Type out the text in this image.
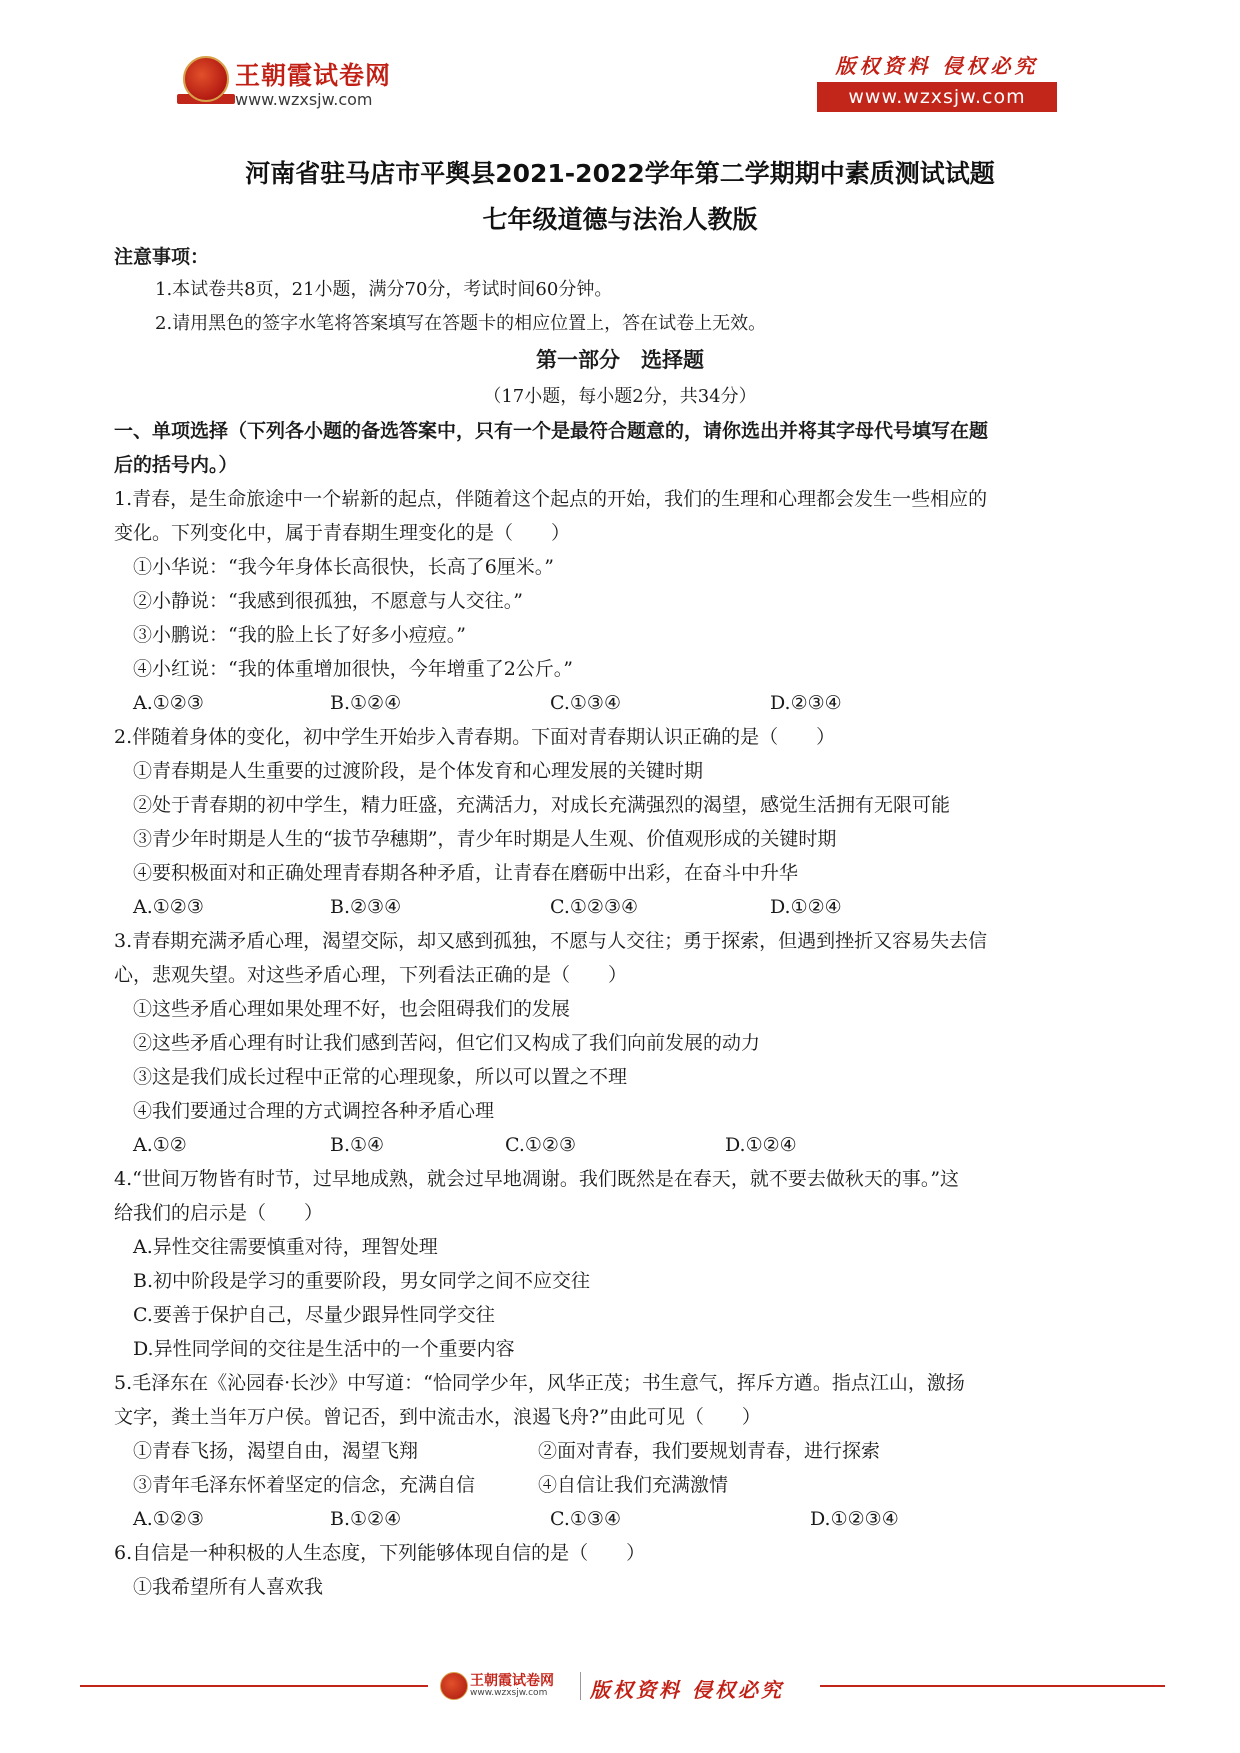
王朝霞试卷网
www.wzxsjw.com
版权资料 侵权必究
www.wzxsjw.com
河南省驻马店市平舆县2021-2022学年第二学期期中素质测试试题
七年级道德与法治人教版
注意事项：
1.本试卷共8页，21小题，满分70分，考试时间60分钟。
2.请用黑色的签字水笔将答案填写在答题卡的相应位置上，答在试卷上无效。
第一部分　选择题
（17小题，每小题2分，共34分）
一、单项选择（下列各小题的备选答案中，只有一个是最符合题意的，请你选出并将其字母代号填写在题
后的括号内。）
1.青春，是生命旅途中一个崭新的起点，伴随着这个起点的开始，我们的生理和心理都会发生一些相应的
变化。下列变化中，属于青春期生理变化的是（　　）
①小华说：“我今年身体长高很快，长高了6厘米。”
②小静说：“我感到很孤独，不愿意与人交往。”
③小鹏说：“我的脸上长了好多小痘痘。”
④小红说：“我的体重增加很快，今年增重了2公斤。”
A.①②③	B.①②④	C.①③④	D.②③④
2.伴随着身体的变化，初中学生开始步入青春期。下面对青春期认识正确的是（　　）
①青春期是人生重要的过渡阶段，是个体发育和心理发展的关键时期
②处于青春期的初中学生，精力旺盛，充满活力，对成长充满强烈的渴望，感觉生活拥有无限可能
③青少年时期是人生的“拔节孕穗期”，青少年时期是人生观、价值观形成的关键时期
④要积极面对和正确处理青春期各种矛盾，让青春在磨砺中出彩，在奋斗中升华
A.①②③	B.②③④	C.①②③④	D.①②④
3.青春期充满矛盾心理，渴望交际，却又感到孤独，不愿与人交往；勇于探索，但遇到挫折又容易失去信
心，悲观失望。对这些矛盾心理，下列看法正确的是（　　）
①这些矛盾心理如果处理不好，也会阻碍我们的发展
②这些矛盾心理有时让我们感到苦闷，但它们又构成了我们向前发展的动力
③这是我们成长过程中正常的心理现象，所以可以置之不理
④我们要通过合理的方式调控各种矛盾心理
A.①②	B.①④	C.①②③	D.①②④
4.“世间万物皆有时节，过早地成熟，就会过早地凋谢。我们既然是在春天，就不要去做秋天的事。”这
给我们的启示是（　　）
A.异性交往需要慎重对待，理智处理
B.初中阶段是学习的重要阶段，男女同学之间不应交往
C.要善于保护自己，尽量少跟异性同学交往
D.异性同学间的交往是生活中的一个重要内容
5.毛泽东在《沁园春·长沙》中写道：“恰同学少年，风华正茂；书生意气，挥斥方遒。指点江山，激扬
文字，粪土当年万户侯。曾记否，到中流击水，浪遏飞舟?”由此可见（　　）
①青春飞扬，渴望自由，渴望飞翔	②面对青春，我们要规划青春，进行探索
③青年毛泽东怀着坚定的信念，充满自信	④自信让我们充满激情
A.①②③	B.①②④	C.①③④	D.①②③④
6.自信是一种积极的人生态度，下列能够体现自信的是（　　）
①我希望所有人喜欢我
王朝霞试卷网
www.wzxsjw.com 版权资料 侵权必究
